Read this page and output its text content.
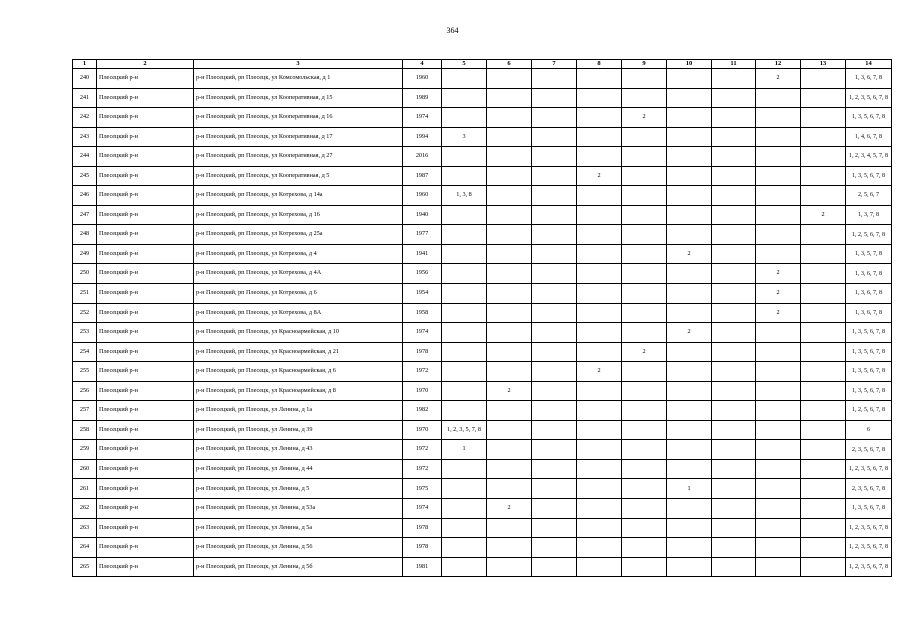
364
1	2	3	4	5	6	7	8	9	10	11	12	13	14
240	Плесецкий р-н	р-н Плесецкий, рп Плесецк, ул Комсомольская, д 1	1960								2		1, 3, 6, 7, 8
241	Плесецкий р-н	р-н Плесецкий, рп Плесецк, ул Кооперативная, д 15	1989										1, 2, 3, 5, 6, 7, 8
242	Плесецкий р-н	р-н Плесецкий, рп Плесецк, ул Кооперативная, д 16	1974					2					1, 3, 5, 6, 7, 8
243	Плесецкий р-н	р-н Плесецкий, рп Плесецк, ул Кооперативная, д 17	1994	3									1, 4, 6, 7, 8
244	Плесецкий р-н	р-н Плесецкий, рп Плесецк, ул Кооперативная, д 27	2016										1, 2, 3, 4, 5, 7, 8
245	Плесецкий р-н	р-н Плесецкий, рп Плесецк, ул Кооперативная, д 5	1987				2						1, 3, 5, 6, 7, 8
246	Плесецкий р-н	р-н Плесецкий, рп Плесецк, ул Котрехова, д 14а	1960	1, 3, 8									2, 5, 6, 7
247	Плесецкий р-н	р-н Плесецкий, рп Плесецк, ул Котрехова, д 16	1940									2	1, 3, 7, 8
248	Плесецкий р-н	р-н Плесецкий, рп Плесецк, ул Котрехова, д 25а	1977										1, 2, 5, 6, 7, 8
249	Плесецкий р-н	р-н Плесецкий, рп Плесецк, ул Котрехова, д 4	1941						2				1, 3, 5, 7, 8
250	Плесецкий р-н	р-н Плесецкий, рп Плесецк, ул Котрехова, д 4А	1956								2		1, 3, 6, 7, 8
251	Плесецкий р-н	р-н Плесецкий, рп Плесецк, ул Котрехова, д 6	1954								2		1, 3, 6, 7, 8
252	Плесецкий р-н	р-н Плесецкий, рп Плесецк, ул Котрехова, д 8А	1958								2		1, 3, 6, 7, 8
253	Плесецкий р-н	р-н Плесецкий, рп Плесецк, ул Красноармейская, д 10	1974						2				1, 3, 5, 6, 7, 8
254	Плесецкий р-н	р-н Плесецкий, рп Плесецк, ул Красноармейская, д 21	1978					2					1, 3, 5, 6, 7, 8
255	Плесецкий р-н	р-н Плесецкий, рп Плесецк, ул Красноармейская, д 6	1972				2						1, 3, 5, 6, 7, 8
256	Плесецкий р-н	р-н Плесецкий, рп Плесецк, ул Красноармейская, д 8	1970		2								1, 3, 5, 6, 7, 8
257	Плесецкий р-н	р-н Плесецкий, рп Плесецк, ул Ленина, д 1а	1982										1, 2, 5, 6, 7, 8
258	Плесецкий р-н	р-н Плесецкий, рп Плесецк, ул Ленина, д 39	1970	1, 2, 3, 5, 7, 8									6
259	Плесецкий р-н	р-н Плесецкий, рп Плесецк, ул Ленина, д 43	1972	1									2, 3, 5, 6, 7, 8
260	Плесецкий р-н	р-н Плесецкий, рп Плесецк, ул Ленина, д 44	1972										1, 2, 3, 5, 6, 7, 8
261	Плесецкий р-н	р-н Плесецкий, рп Плесецк, ул Ленина, д 5	1975						1				2, 3, 5, 6, 7, 8
262	Плесецкий р-н	р-н Плесецкий, рп Плесецк, ул Ленина, д 53а	1974		2								1, 3, 5, 6, 7, 8
263	Плесецкий р-н	р-н Плесецкий, рп Плесецк, ул Ленина, д 5а	1978										1, 2, 3, 5, 6, 7, 8
264	Плесецкий р-н	р-н Плесецкий, рп Плесецк, ул Ленина, д 56	1978										1, 2, 3, 5, 6, 7, 8
265	Плесецкий р-н	р-н Плесецкий, рп Плесецк, ул Ленина, д 5б	1981										1, 2, 3, 5, 6, 7, 8
